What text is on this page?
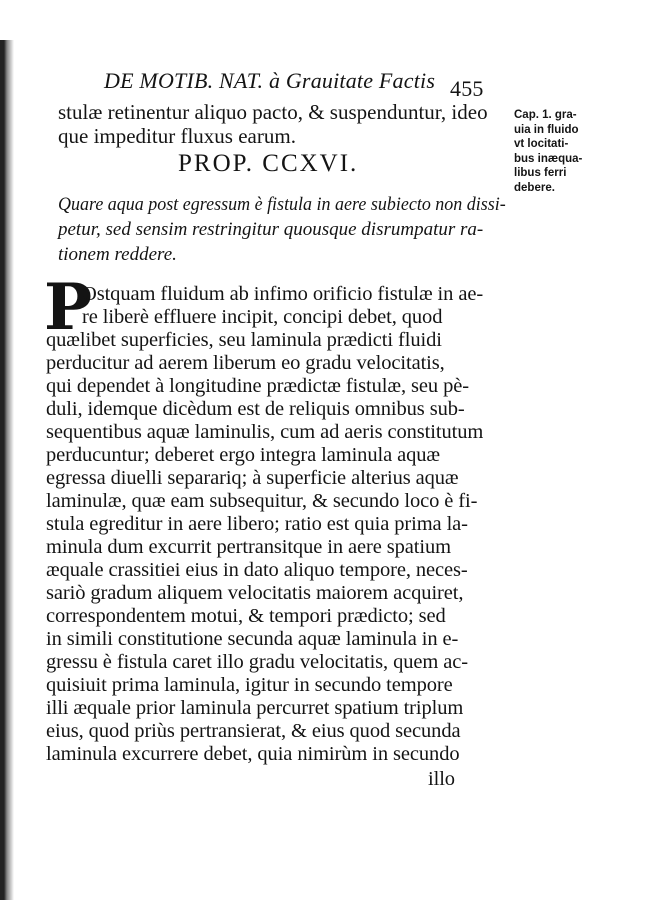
DE MOTIB. NAT. à Grauitate Factis 455
stulæ retinentur aliquo pacto, & suspenduntur, ideo
que impeditur fluxus earum.
Cap. 1. gra-
uia in fluido
vt locitati-
bus inæqua-
libus ferri
debere.
PROP. CCXVI.
Quare aqua post egressum è fistula in aere subiecto non dissi-
petur, sed sensim restringitur quousque disrumpatur ra-
tionem reddere.
P
Ostquam fluidum ab infimo orificio fistulæ in ae-
re liberè effluere incipit, concipi debet, quod
quælibet superficies, seu laminula prædicti fluidi
perducitur ad aerem liberum eo gradu velocitatis,
qui dependet à longitudine prædictæ fistulæ, seu pè-
duli, idemque dicèdum est de reliquis omnibus sub-
sequentibus aquæ laminulis, cum ad aeris constitutum
perducuntur; deberet ergo integra laminula aquæ
egressa diuelli separariq; à superficie alterius aquæ
laminulæ, quæ eam subsequitur, & secundo loco è fi-
stula egreditur in aere libero; ratio est quia prima la-
minula dum excurrit pertransitque in aere spatium
æquale crassitiei eius in dato aliquo tempore, neces-
sariò gradum aliquem velocitatis maiorem acquiret,
correspondentem motui, & tempori prædicto; sed
in simili constitutione secunda aquæ laminula in e-
gressu è fistula caret illo gradu velocitatis, quem ac-
quisiuit prima laminula, igitur in secundo tempore
illi æquale prior laminula percurret spatium triplum
eius, quod priùs pertransierat, & eius quod secunda
laminula excurrere debet, quia nimirùm in secundo
illo
